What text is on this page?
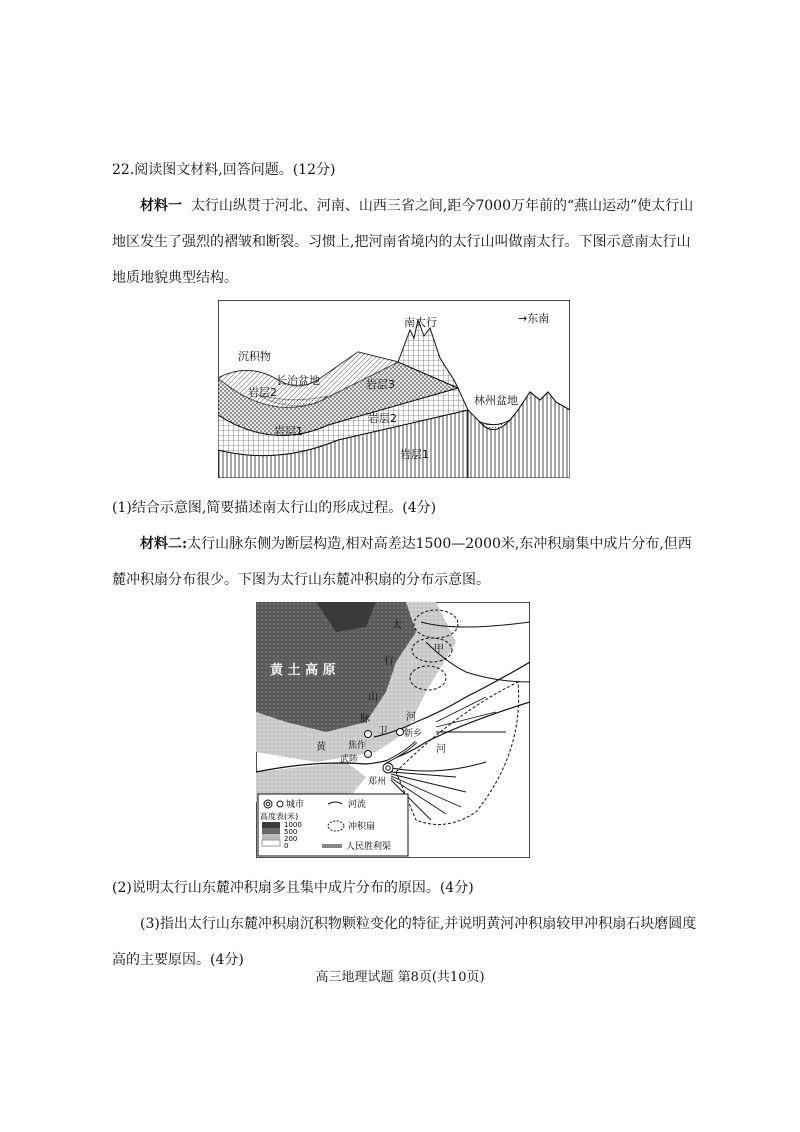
22.阅读图文材料,回答问题。(12分)
材料一 太行山纵贯于河北、河南、山西三省之间,距今7000万年前的“燕山运动”使太行山地区发生了强烈的褶皱和断裂。习惯上,把河南省境内的太行山叫做南太行。下图示意南太行山地质地貌典型结构。
南太行	→东南
沉积物
长治盆地
林州盆地
岩层3
岩层2
岩层1
岩层2
岩层1
(1)结合示意图,简要描述南太行山的形成过程。(4分)
材料二:太行山脉东侧为断层构造,相对高差达1500—2000米,东冲积扇集中成片分布,但西麓冲积扇分布很少。下图为太行山东麓冲积扇的分布示意图。
黄 土 高 原
太
行
山
脉
甲
卫
河
新乡
焦作
武陟
黄	河
郑州
城市	河流
高度表(米)
1000
500
200
0
冲积扇
人民胜利渠
(2)说明太行山东麓冲积扇多且集中成片分布的原因。(4分)
(3)指出太行山东麓冲积扇沉积物颗粒变化的特征,并说明黄河冲积扇较甲冲积扇石块磨圆度高的主要原因。(4分)
高三地理试题 第8页(共10页)
